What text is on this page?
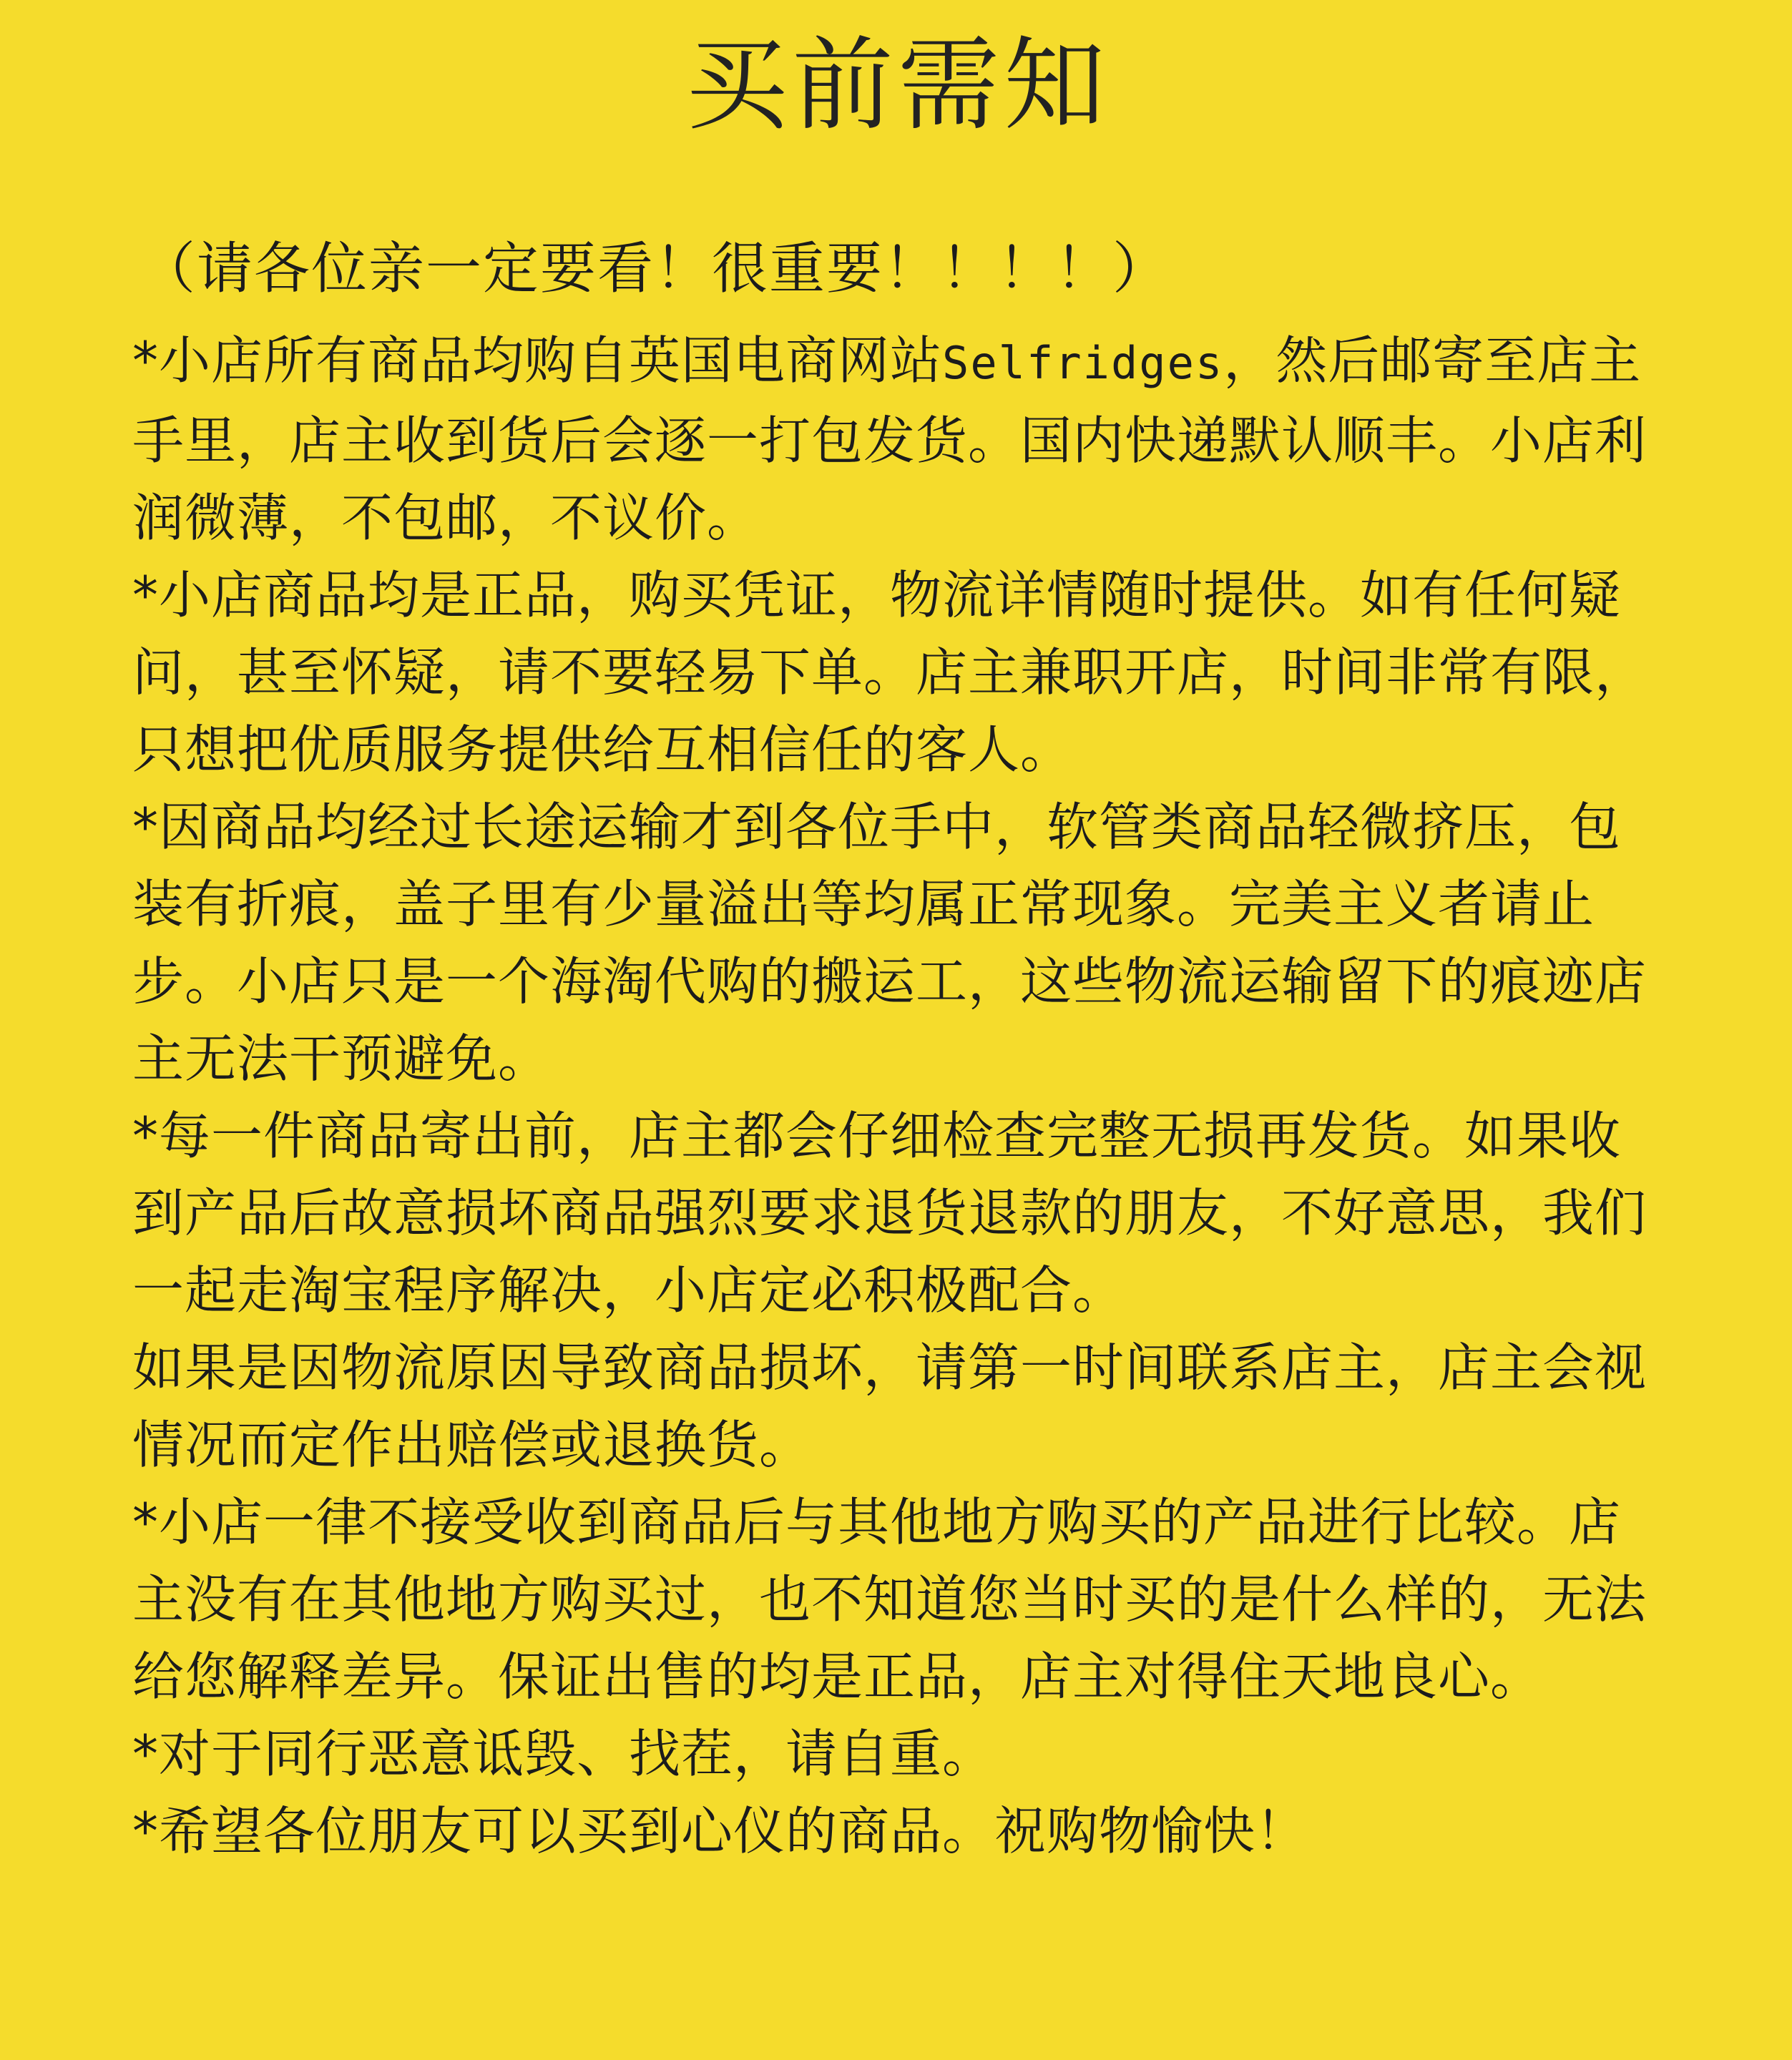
买前需知
（请各位亲一定要看！很重要！！！！）

*小店所有商品均购自英国电商网站Selfridges，然后邮寄至店主手里，店主收到货后会逐一打包发货。国内快递默认顺丰。小店利润微薄，不包邮，不议价。

*小店商品均是正品，购买凭证，物流详情随时提供。如有任何疑问，甚至怀疑，请不要轻易下单。店主兼职开店，时间非常有限，只想把优质服务提供给互相信任的客人。

*因商品均经过长途运输才到各位手中，软管类商品轻微挤压，包装有折痕，盖子里有少量溢出等均属正常现象。完美主义者请止步。小店只是一个海淘代购的搬运工，这些物流运输留下的痕迹店主无法干预避免。

*每一件商品寄出前，店主都会仔细检查完整无损再发货。如果收到产品后故意损坏商品强烈要求退货退款的朋友，不好意思，我们一起走淘宝程序解决，小店定必积极配合。

如果是因物流原因导致商品损坏，请第一时间联系店主，店主会视情况而定作出赔偿或退换货。

*小店一律不接受收到商品后与其他地方购买的产品进行比较。店主没有在其他地方购买过，也不知道您当时买的是什么样的，无法给您解释差异。保证出售的均是正品，店主对得住天地良心。

*对于同行恶意诋毁、找茬，请自重。

*希望各位朋友可以买到心仪的商品。祝购物愉快！
